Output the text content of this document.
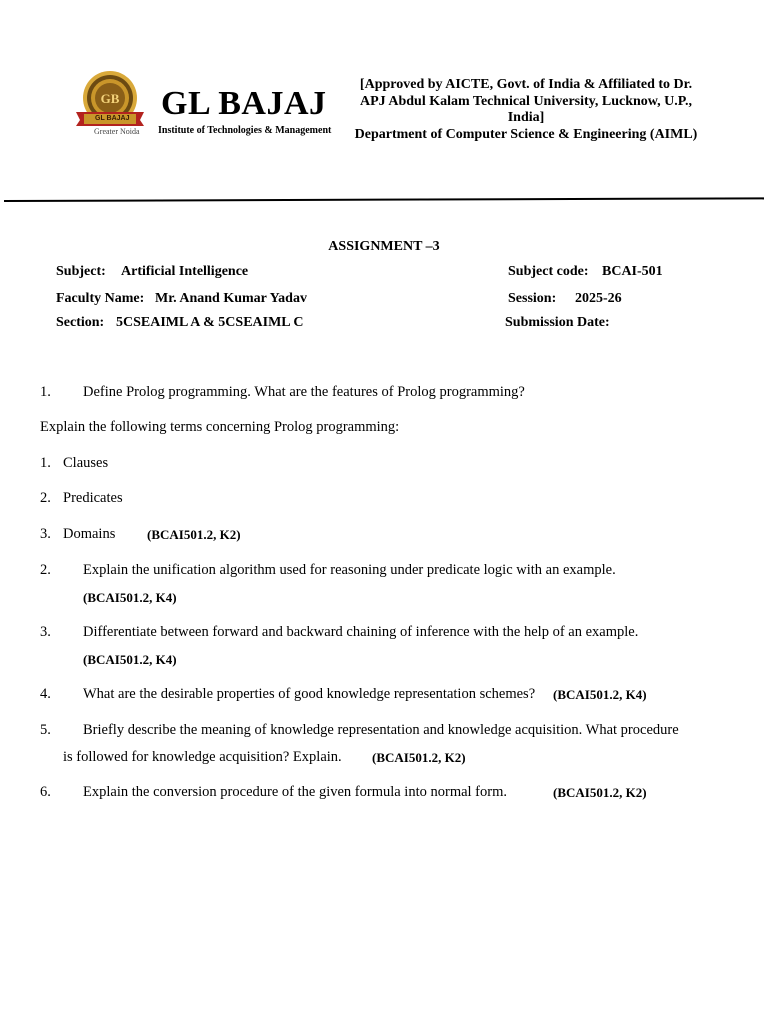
GB
GL BAJAJ
Greater Noida
GL BAJAJ
Institute of Technologies & Management
[Approved by AICTE, Govt. of India & Affiliated to Dr. APJ Abdul Kalam Technical University, Lucknow, U.P., India]
Department of Computer Science & Engineering (AIML)
ASSIGNMENT –3
Subject: Artificial Intelligence	Subject code: BCAI-501
Faculty Name: Mr. Anand Kumar Yadav	Session: 2025-26
Section: 5CSEAIML A & 5CSEAIML C	Submission Date:
1. Define Prolog programming. What are the features of Prolog programming?
Explain the following terms concerning Prolog programming:
1. Clauses
2. Predicates
3. Domains (BCAI501.2, K2)
2. Explain the unification algorithm used for reasoning under predicate logic with an example.
(BCAI501.2, K4)
3. Differentiate between forward and backward chaining of inference with the help of an example.
(BCAI501.2, K4)
4. What are the desirable properties of good knowledge representation schemes? (BCAI501.2, K4)
5. Briefly describe the meaning of knowledge representation and knowledge acquisition. What procedure
is followed for knowledge acquisition? Explain. (BCAI501.2, K2)
6. Explain the conversion procedure of the given formula into normal form.	(BCAI501.2, K2)
